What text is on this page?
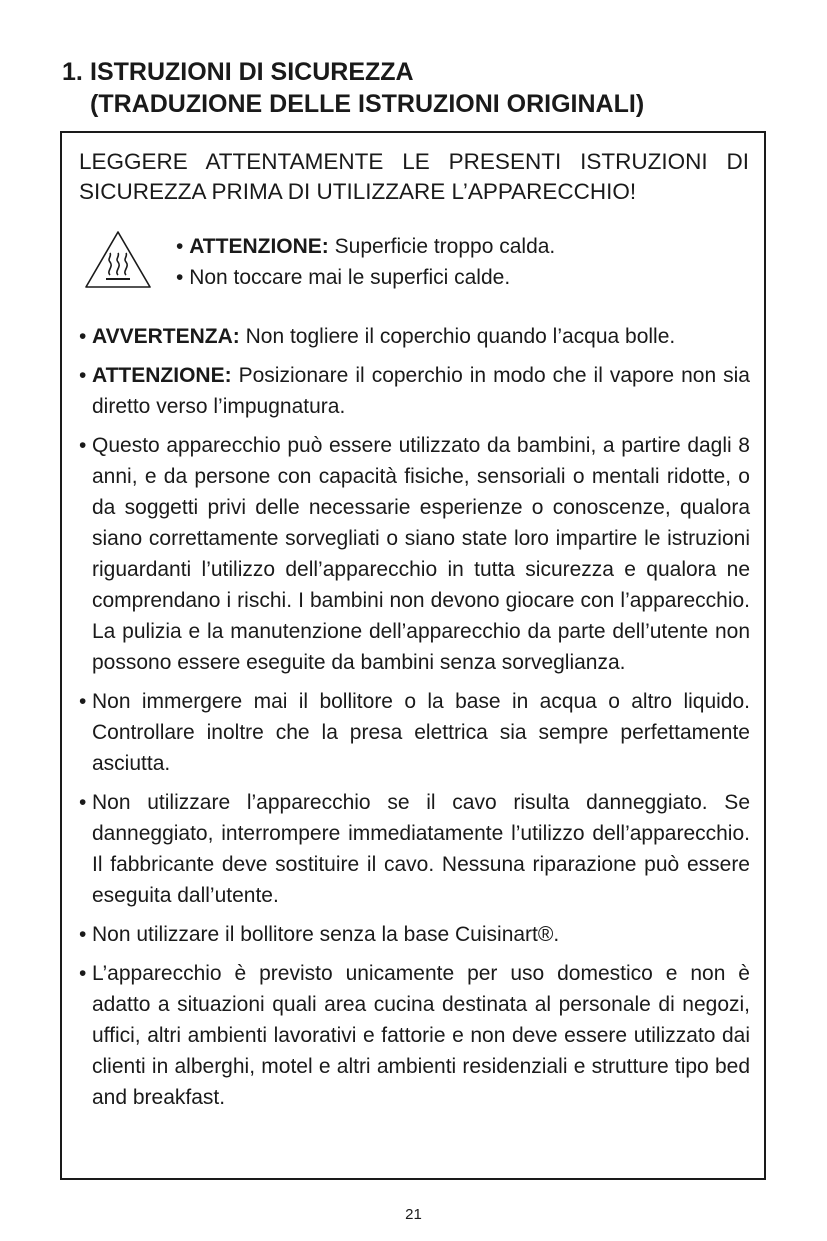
1. ISTRUZIONI DI SICUREZZA
(TRADUZIONE DELLE ISTRUZIONI ORIGINALI)

LEGGERE ATTENTAMENTE LE PRESENTI ISTRUZIONI DI SICUREZZA PRIMA DI UTILIZZARE L’APPARECCHIO!

• ATTENZIONE: Superficie troppo calda.
• Non toccare mai le superfici calde.
• AVVERTENZA: Non togliere il coperchio quando l’acqua bolle.
• ATTENZIONE: Posizionare il coperchio in modo che il vapore non sia diretto verso l’impugnatura.
• Questo apparecchio può essere utilizzato da bambini, a partire dagli 8 anni, e da persone con capacità fisiche, sensoriali o mentali ridotte, o da soggetti privi delle necessarie esperienze o conoscenze, qualora siano correttamente sorvegliati o siano state loro impartire le istruzioni riguardanti l’utilizzo dell’apparecchio in tutta sicurezza e qualora ne comprendano i rischi. I bambini non devono giocare con l’apparecchio. La pulizia e la manutenzione dell’apparecchio da parte dell’utente non possono essere eseguite da bambini senza sorveglianza.
• Non immergere mai il bollitore o la base in acqua o altro liquido. Controllare inoltre che la presa elettrica sia sempre perfettamente asciutta.
• Non utilizzare l’apparecchio se il cavo risulta danneggiato. Se danneggiato, interrompere immediatamente l’utilizzo dell’apparecchio. Il fabbricante deve sostituire il cavo. Nessuna riparazione può essere eseguita dall’utente.
• Non utilizzare il bollitore senza la base Cuisinart®.
• L’apparecchio è previsto unicamente per uso domestico e non è adatto a situazioni quali area cucina destinata al personale di negozi, uffici, altri ambienti lavorativi e fattorie e non deve essere utilizzato dai clienti in alberghi, motel e altri ambienti residenziali e strutture tipo bed and breakfast.
21
